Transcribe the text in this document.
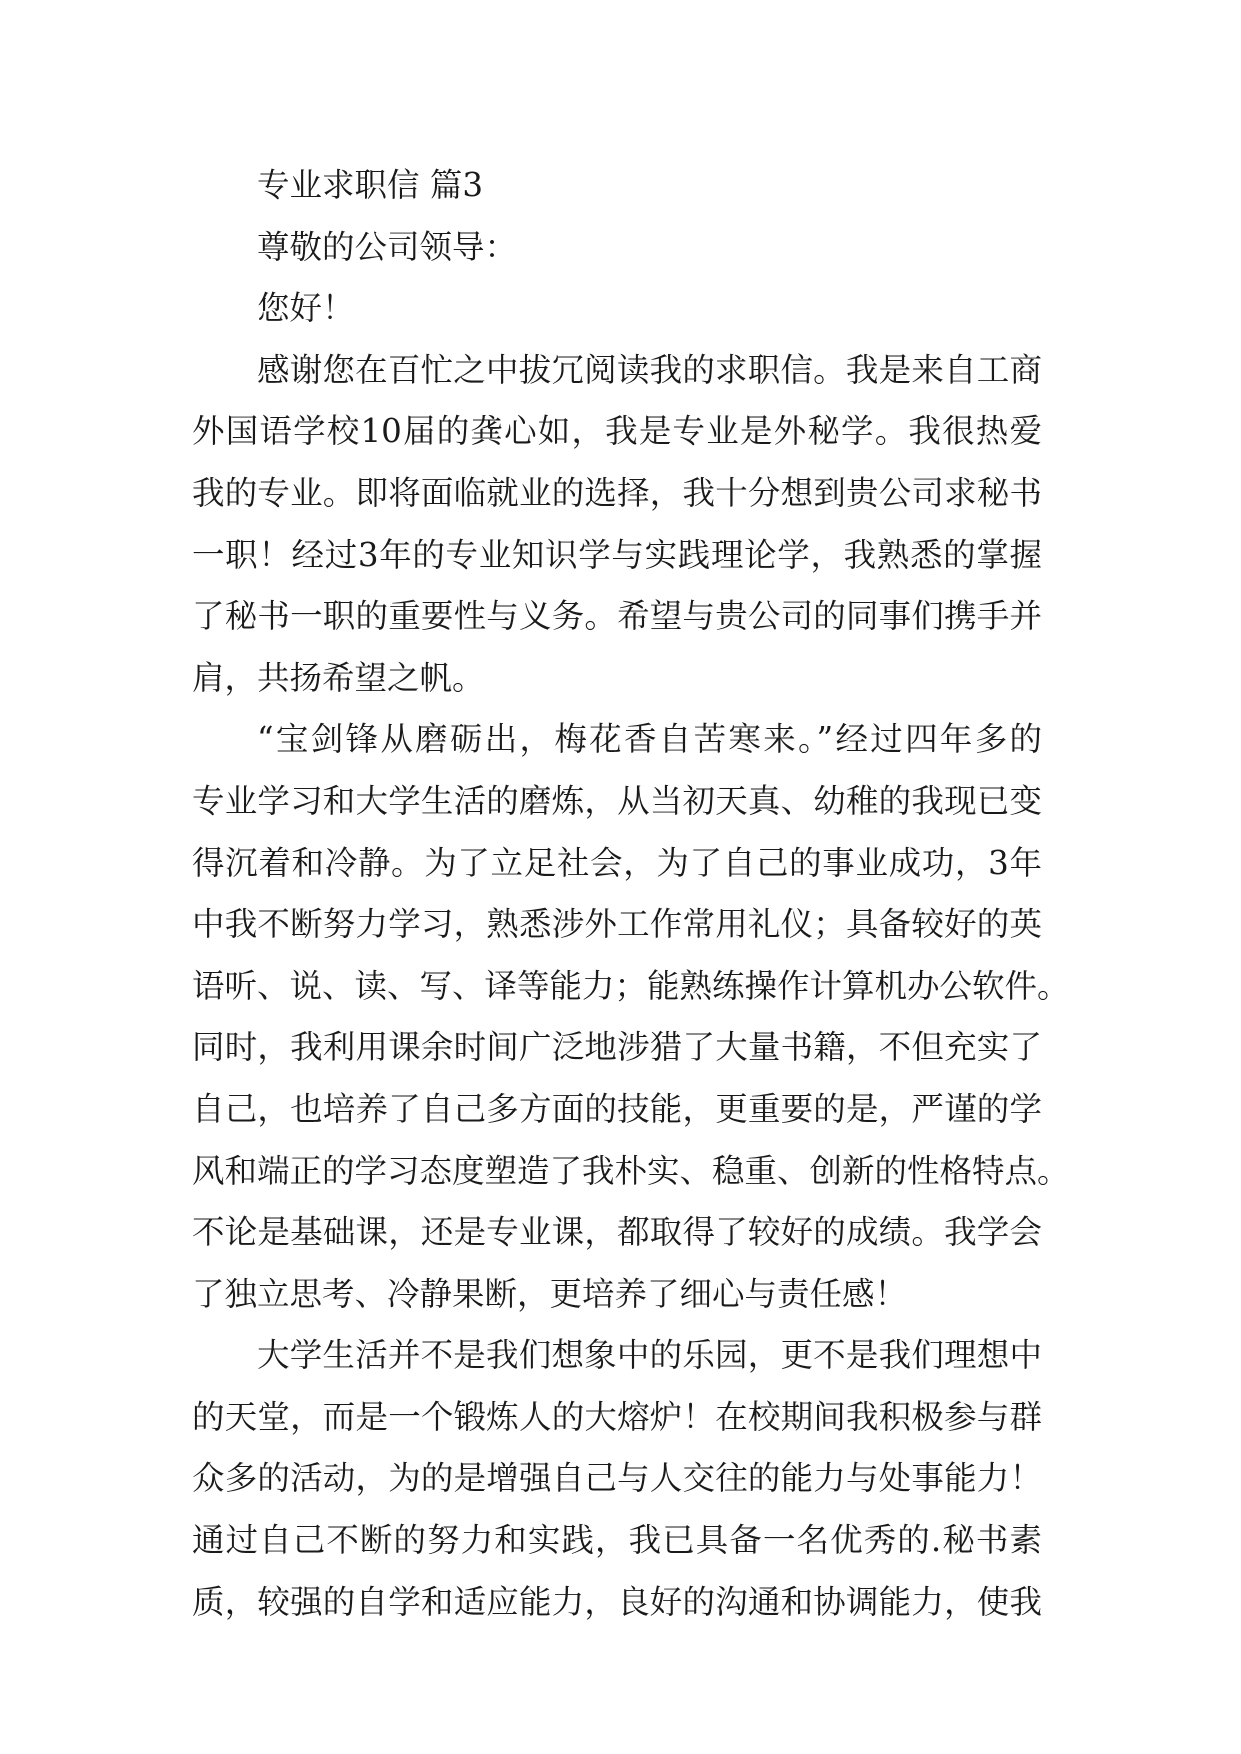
专业求职信 篇3
尊敬的公司领导：
您好！
感谢您在百忙之中拔冗阅读我的求职信。我是来自工商
外国语学校10届的龚心如，我是专业是外秘学。我很热爱
我的专业。即将面临就业的选择，我十分想到贵公司求秘书
一职！经过3年的专业知识学与实践理论学，我熟悉的掌握
了秘书一职的重要性与义务。希望与贵公司的同事们携手并
肩，共扬希望之帆。
“宝剑锋从磨砺出，梅花香自苦寒来。”经过四年多的
专业学习和大学生活的磨炼，从当初天真、幼稚的我现已变
得沉着和冷静。为了立足社会，为了自己的事业成功，3年
中我不断努力学习，熟悉涉外工作常用礼仪；具备较好的英
语听、说、读、写、译等能力；能熟练操作计算机办公软件。
同时，我利用课余时间广泛地涉猎了大量书籍，不但充实了
自己，也培养了自己多方面的技能，更重要的是，严谨的学
风和端正的学习态度塑造了我朴实、稳重、创新的性格特点。
不论是基础课，还是专业课，都取得了较好的成绩。我学会
了独立思考、冷静果断，更培养了细心与责任感！
大学生活并不是我们想象中的乐园，更不是我们理想中
的天堂，而是一个锻炼人的大熔炉！在校期间我积极参与群
众多的活动，为的是增强自己与人交往的能力与处事能力！
通过自己不断的努力和实践，我已具备一名优秀的.秘书素
质，较强的自学和适应能力，良好的沟通和协调能力，使我
